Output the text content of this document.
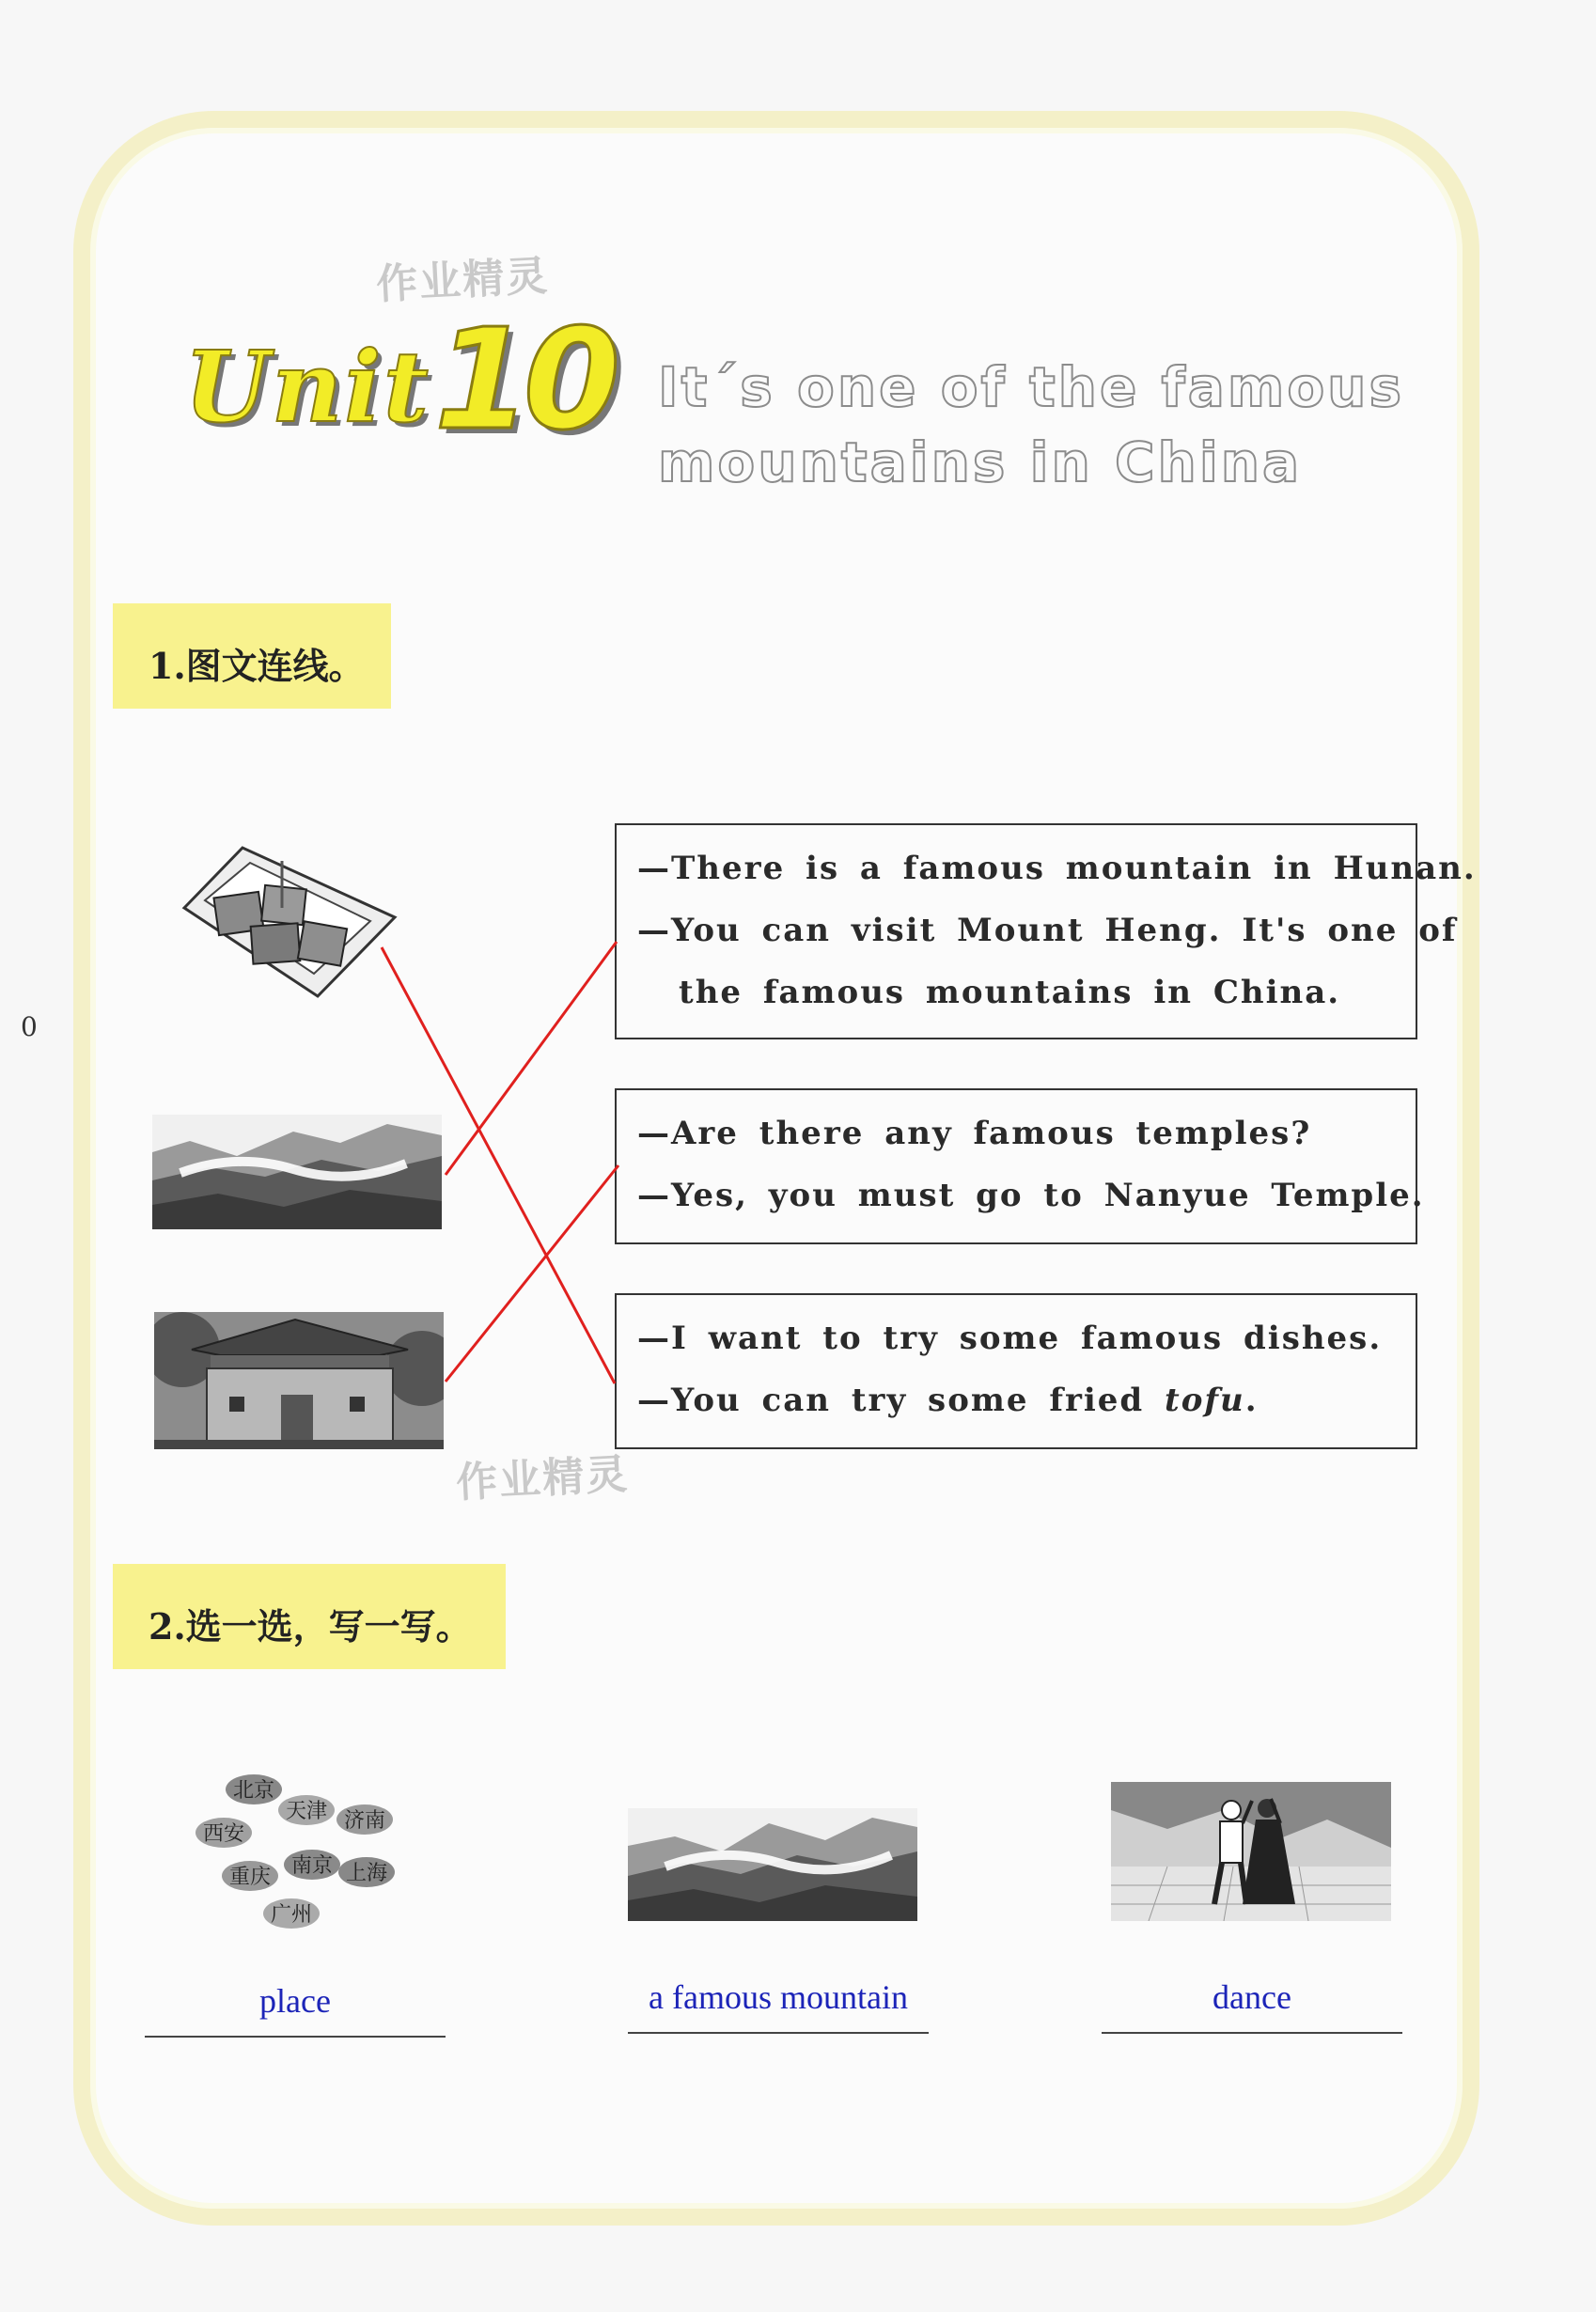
作业精灵
作业精灵
0
Unit 10 It´s one of the famous
mountains in China
1.图文连线。
—There is a famous mountain in Hunan.
—You can visit Mount Heng. It's one of
the famous mountains in China.
—Are there any famous temples?
—Yes, you must go to Nanyue Temple.
—I want to try some famous dishes.
—You can try some fried tofu.
2.选一选，写一写。
北京
天津
西安
济南
南京
重庆	上海
广州
place	a famous mountain	dance
